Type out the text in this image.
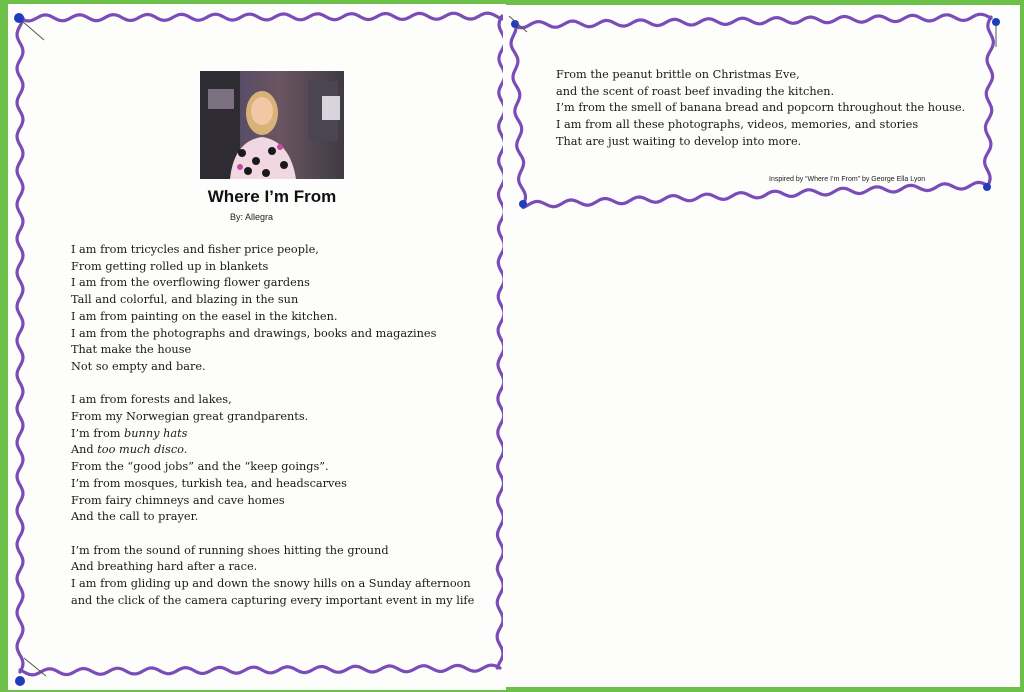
Where I’m From
By: Allegra
I am from tricycles and fisher price people,
From getting rolled up in blankets
I am from the overflowing flower gardens
Tall and colorful, and blazing in the sun
I am from painting on the easel in the kitchen.
I am from the photographs and drawings, books and magazines
That make the house
Not so empty and bare.
I am from forests and lakes,
From my Norwegian great grandparents.
I’m from bunny hats
And too much disco.
From the “good jobs” and the “keep goings”.
I’m from mosques, turkish tea, and headscarves
From fairy chimneys and cave homes
And the call to prayer.
I’m from the sound of running shoes hitting the ground
And breathing hard after a race.
I am from gliding up and down the snowy hills on a Sunday afternoon
and the click of the camera capturing every important event in my life
From the peanut brittle on Christmas Eve,
and the scent of roast beef invading the kitchen.
I’m from the smell of banana bread and popcorn throughout the house.
I am from all these photographs, videos, memories, and stories
That are just waiting to develop into more.
Inspired by “Where I’m From” by George Ella Lyon
